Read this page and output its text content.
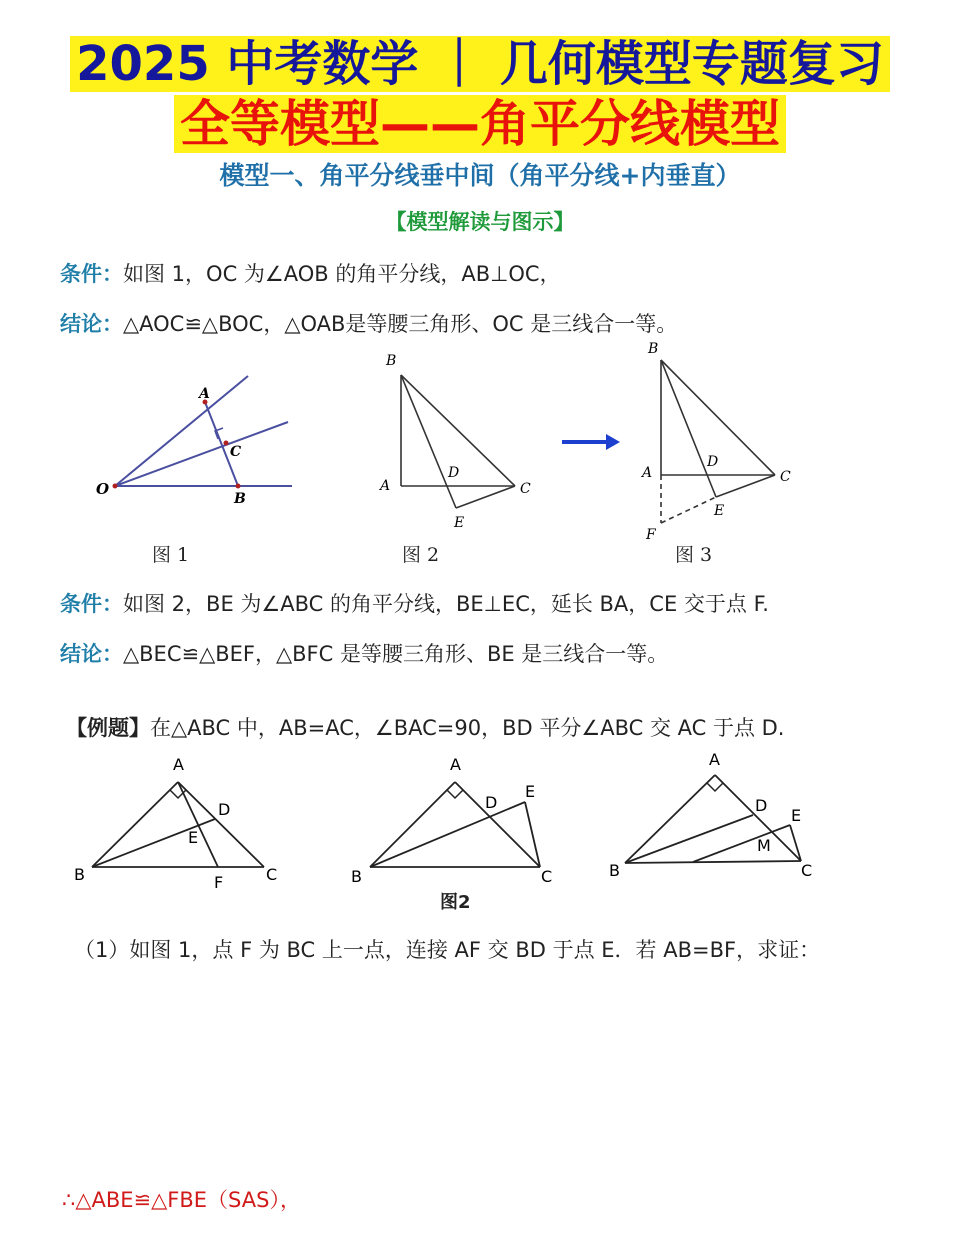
2025 中考数学 ｜ 几何模型专题复习
全等模型——角平分线模型
模型一、角平分线垂中间（角平分线+内垂直）
【模型解读与图示】
条件：如图 1，OC 为∠AOB 的角平分线，AB⊥OC，
结论：△AOC≌△BOC，△OAB是等腰三角形、OC 是三线合一等。
O
A
C
B
图 1
B
A
D
C
E
图 2
B
A
D
C
E
F
图 3
条件：如图 2，BE 为∠ABC 的角平分线，BE⊥EC，延长 BA，CE 交于点 F.
结论：△BEC≌△BEF，△BFC 是等腰三角形、BE 是三线合一等。
【例题】在△ABC 中，AB=AC，∠BAC=90，BD 平分∠ABC 交 AC 于点 D.
A
D
E
B	F	C
A
D
E
B	C
图2
A
D
E
M
B	C
（1）如图 1，点 F 为 BC 上一点，连接 AF 交 BD 于点 E．若 AB=BF，求证：
∴△ABE≌△FBE（SAS），
